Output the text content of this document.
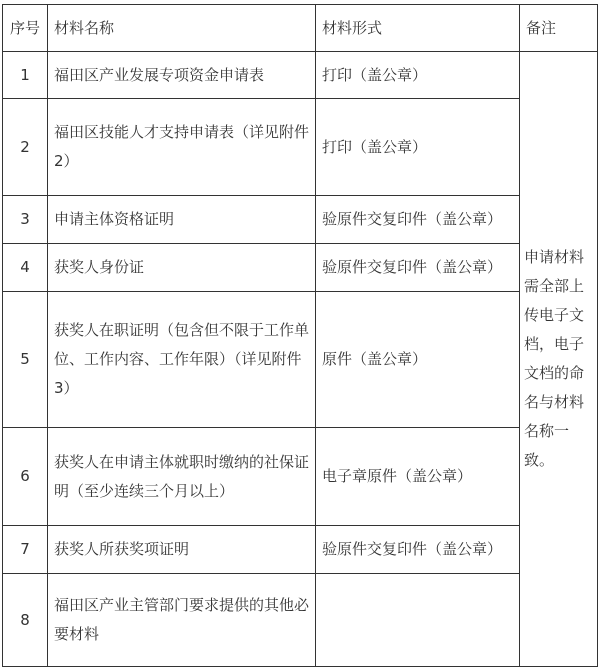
序号	材料名称	材料形式	备注
1	福田区产业发展专项资金申请表	打印（盖公章）	申请材料需全部上传电子文档，电子文档的命名与材料名称一致。
2	福田区技能人才支持申请表（详见附件2）	打印（盖公章）	
3	申请主体资格证明	验原件交复印件（盖公章）	
4	获奖人身份证	验原件交复印件（盖公章）	
5	获奖人在职证明（包含但不限于工作单位、工作内容、工作年限）（详见附件3）	原件（盖公章）	
6	获奖人在申请主体就职时缴纳的社保证明（至少连续三个月以上）	电子章原件（盖公章）	
7	获奖人所获奖项证明	验原件交复印件（盖公章）	
8	福田区产业主管部门要求提供的其他必要材料		
